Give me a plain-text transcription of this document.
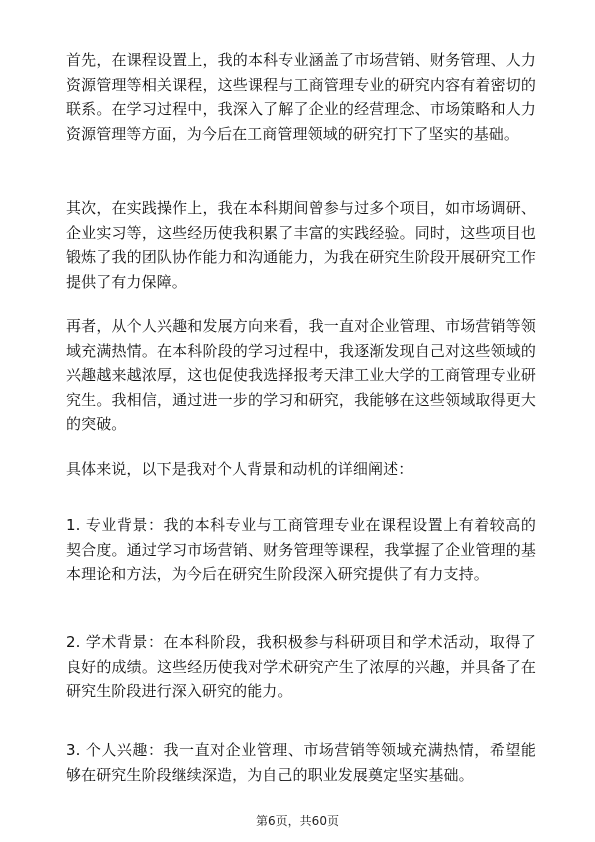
首先，在课程设置上，我的本科专业涵盖了市场营销、财务管理、人力资源管理等相关课程，这些课程与工商管理专业的研究内容有着密切的联系。在学习过程中，我深入了解了企业的经营理念、市场策略和人力资源管理等方面，为今后在工商管理领域的研究打下了坚实的基础。

其次，在实践操作上，我在本科期间曾参与过多个项目，如市场调研、企业实习等，这些经历使我积累了丰富的实践经验。同时，这些项目也锻炼了我的团队协作能力和沟通能力，为我在研究生阶段开展研究工作提供了有力保障。

再者，从个人兴趣和发展方向来看，我一直对企业管理、市场营销等领域充满热情。在本科阶段的学习过程中，我逐渐发现自己对这些领域的兴趣越来越浓厚，这也促使我选择报考天津工业大学的工商管理专业研究生。我相信，通过进一步的学习和研究，我能够在这些领域取得更大的突破。

具体来说，以下是我对个人背景和动机的详细阐述：

1. 专业背景：我的本科专业与工商管理专业在课程设置上有着较高的契合度。通过学习市场营销、财务管理等课程，我掌握了企业管理的基本理论和方法，为今后在研究生阶段深入研究提供了有力支持。

2. 学术背景：在本科阶段，我积极参与科研项目和学术活动，取得了良好的成绩。这些经历使我对学术研究产生了浓厚的兴趣，并具备了在研究生阶段进行深入研究的能力。

3. 个人兴趣：我一直对企业管理、市场营销等领域充满热情，希望能够在研究生阶段继续深造，为自己的职业发展奠定坚实基础。

第6页，共60页
